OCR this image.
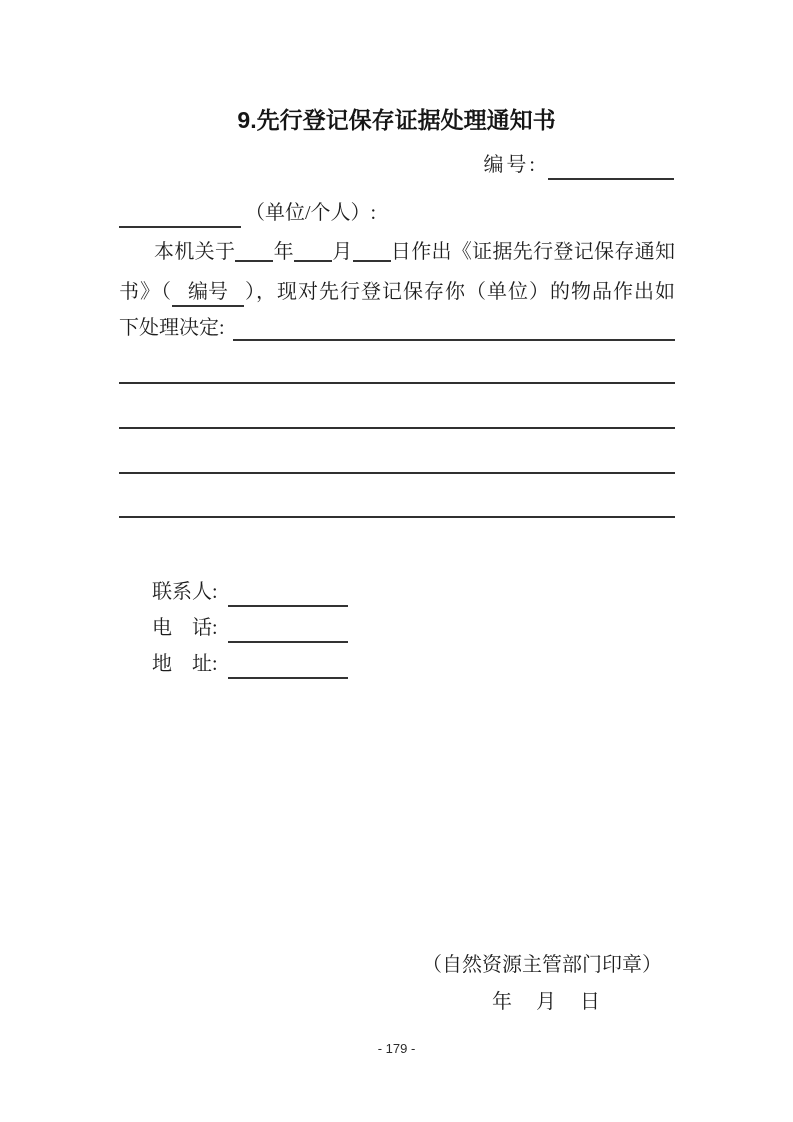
9.先行登记保存证据处理通知书
编号:
（单位/个人）:
本机关于 年 月 日作出《证据先行登记保存通知
书》（ 编号 ），现对先行登记保存你（单位）的物品作出如
下处理决定:
联系人:
电　话:
地　址:
（自然资源主管部门印章）
年　月　日
- 179 -
